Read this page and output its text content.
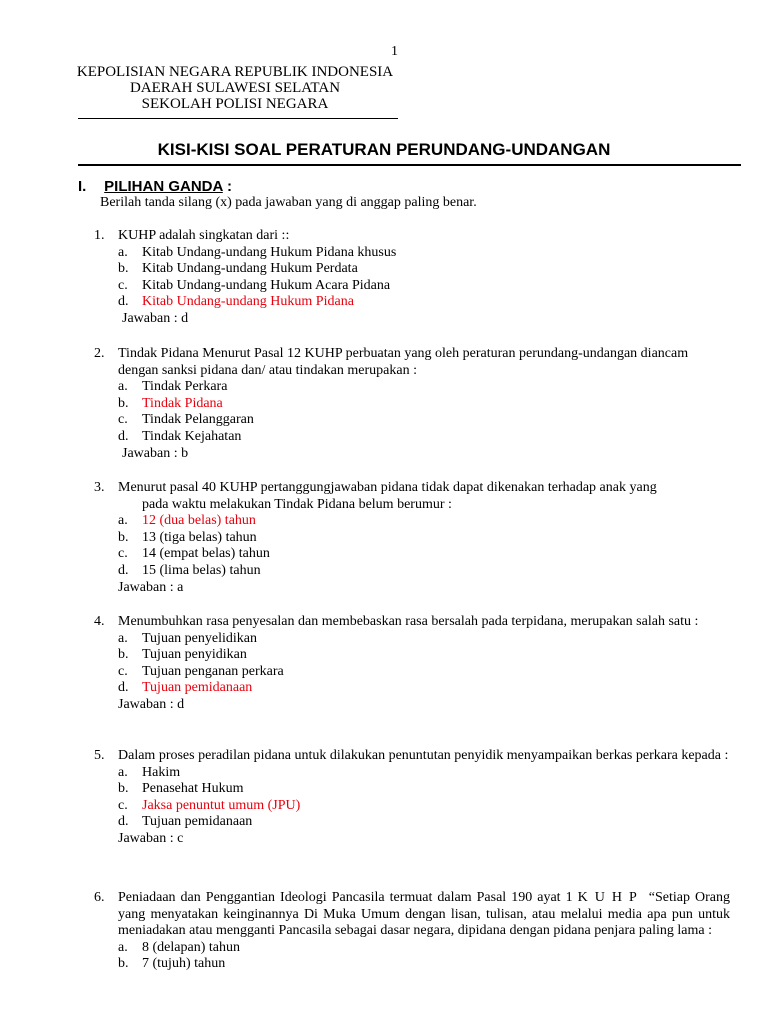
1
KEPOLISIAN NEGARA REPUBLIK INDONESIA
DAERAH SULAWESI SELATAN
SEKOLAH POLISI NEGARA
KISI-KISI SOAL PERATURAN PERUNDANG-UNDANGAN
I. PILIHAN GANDA :
Berilah tanda silang (x) pada jawaban yang di anggap paling benar.
1. KUHP adalah singkatan dari ::
a.	Kitab Undang-undang Hukum Pidana khusus
b. Kitab Undang-undang Hukum Perdata
c.	Kitab Undang-undang Hukum Acara Pidana
d. Kitab Undang-undang Hukum Pidana
Jawaban : d
2. Tindak Pidana Menurut Pasal 12 KUHP perbuatan yang oleh peraturan perundang-undangan diancam dengan sanksi pidana dan/ atau tindakan merupakan :
a.	Tindak Perkara
b. Tindak Pidana
c.	Tindak Pelanggaran
d. Tindak Kejahatan
Jawaban : b
3. Menurut pasal 40 KUHP pertanggungjawaban pidana tidak dapat dikenakan terhadap anak yang
pada waktu melakukan Tindak Pidana belum berumur :
a.	12 (dua belas) tahun
b. 13 (tiga belas) tahun
c.	14 (empat belas) tahun
d. 15 (lima belas) tahun
Jawaban : a
4. Menumbuhkan rasa penyesalan dan membebaskan rasa bersalah pada terpidana, merupakan salah satu :
a.	Tujuan penyelidikan
b. Tujuan penyidikan
c.	Tujuan penganan perkara
d. Tujuan pemidanaan
Jawaban : d
5. Dalam proses peradilan pidana untuk dilakukan penuntutan penyidik menyampaikan berkas perkara kepada :
a.	Hakim
b. Penasehat Hukum
c.	Jaksa penuntut umum (JPU)
d. Tujuan pemidanaan
Jawaban : c
6. Peniadaan dan Penggantian Ideologi Pancasila termuat dalam Pasal 190 ayat 1 KUHP “Setiap Orang yang menyatakan keinginannya Di Muka Umum dengan lisan, tulisan, atau melalui media apa pun untuk meniadakan atau mengganti Pancasila sebagai dasar negara, dipidana dengan pidana penjara paling lama :
a.	8 (delapan) tahun
b. 7 (tujuh) tahun
